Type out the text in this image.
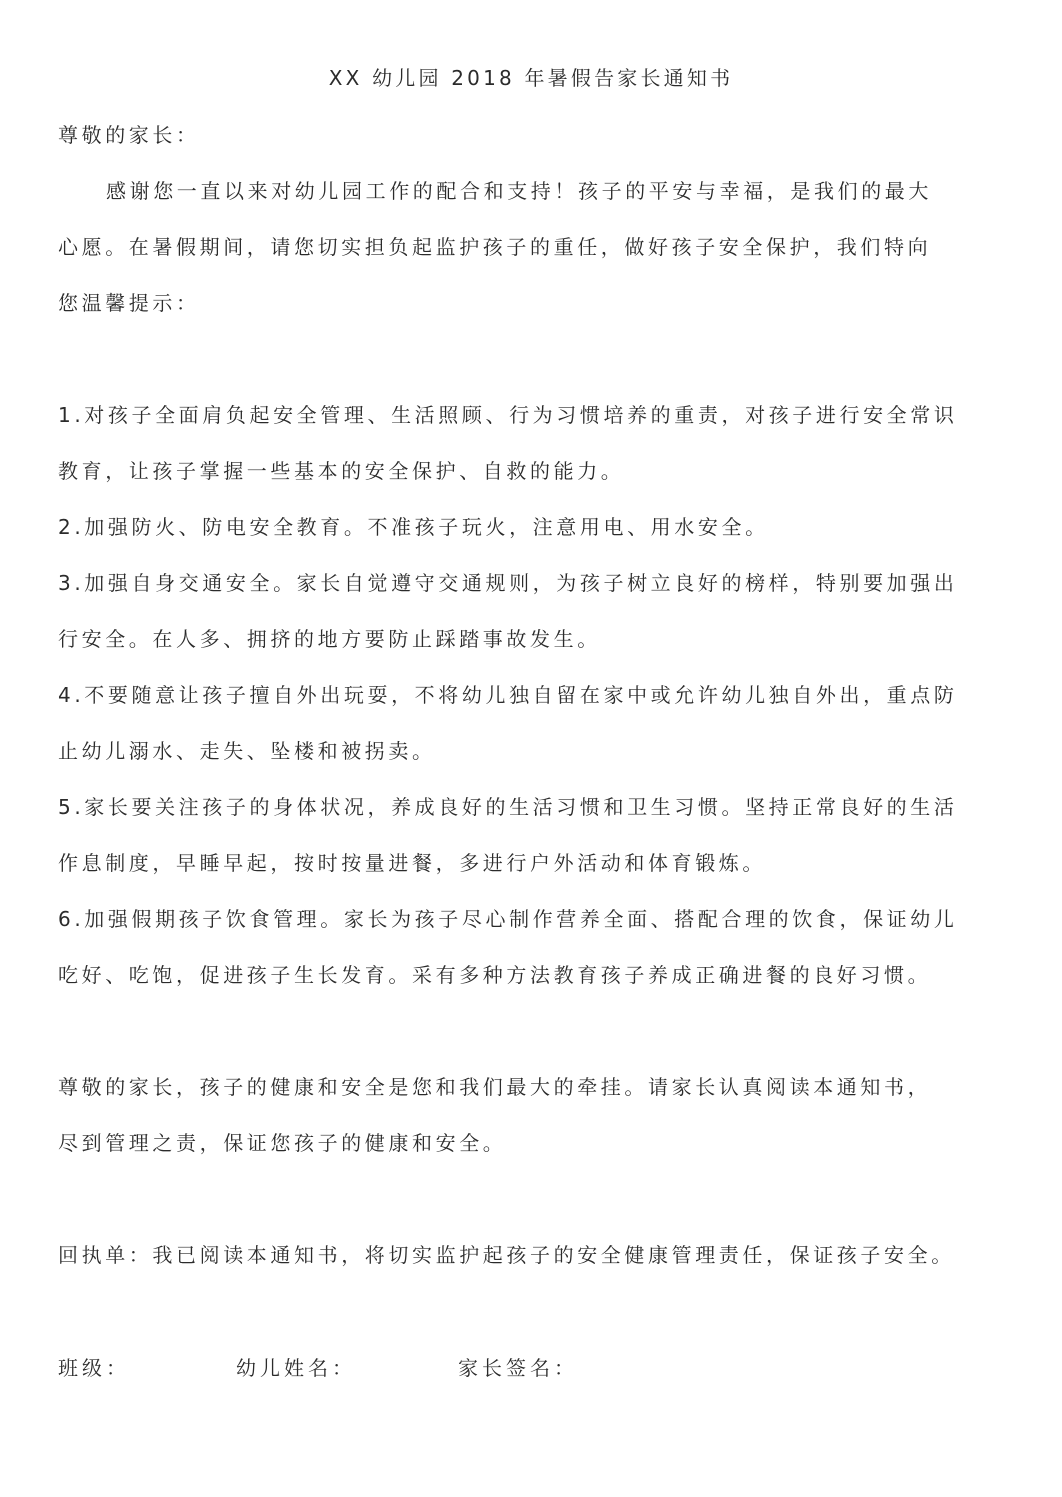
XX 幼儿园 2018 年暑假告家长通知书
尊敬的家长：
感谢您一直以来对幼儿园工作的配合和支持！孩子的平安与幸福，是我们的最大
心愿。在暑假期间，请您切实担负起监护孩子的重任，做好孩子安全保护，我们特向
您温馨提示：
1.对孩子全面肩负起安全管理、生活照顾、行为习惯培养的重责，对孩子进行安全常识
教育，让孩子掌握一些基本的安全保护、自救的能力。
2.加强防火、防电安全教育。不准孩子玩火，注意用电、用水安全。
3.加强自身交通安全。家长自觉遵守交通规则，为孩子树立良好的榜样，特别要加强出
行安全。在人多、拥挤的地方要防止踩踏事故发生。
4.不要随意让孩子擅自外出玩耍，不将幼儿独自留在家中或允许幼儿独自外出，重点防
止幼儿溺水、走失、坠楼和被拐卖。
5.家长要关注孩子的身体状况，养成良好的生活习惯和卫生习惯。坚持正常良好的生活
作息制度，早睡早起，按时按量进餐，多进行户外活动和体育锻炼。
6.加强假期孩子饮食管理。家长为孩子尽心制作营养全面、搭配合理的饮食，保证幼儿
吃好、吃饱，促进孩子生长发育。采有多种方法教育孩子养成正确进餐的良好习惯。
尊敬的家长，孩子的健康和安全是您和我们最大的牵挂。请家长认真阅读本通知书，
尽到管理之责，保证您孩子的健康和安全。
回执单：我已阅读本通知书，将切实监护起孩子的安全健康管理责任，保证孩子安全。
班级：	幼儿姓名：	家长签名：
